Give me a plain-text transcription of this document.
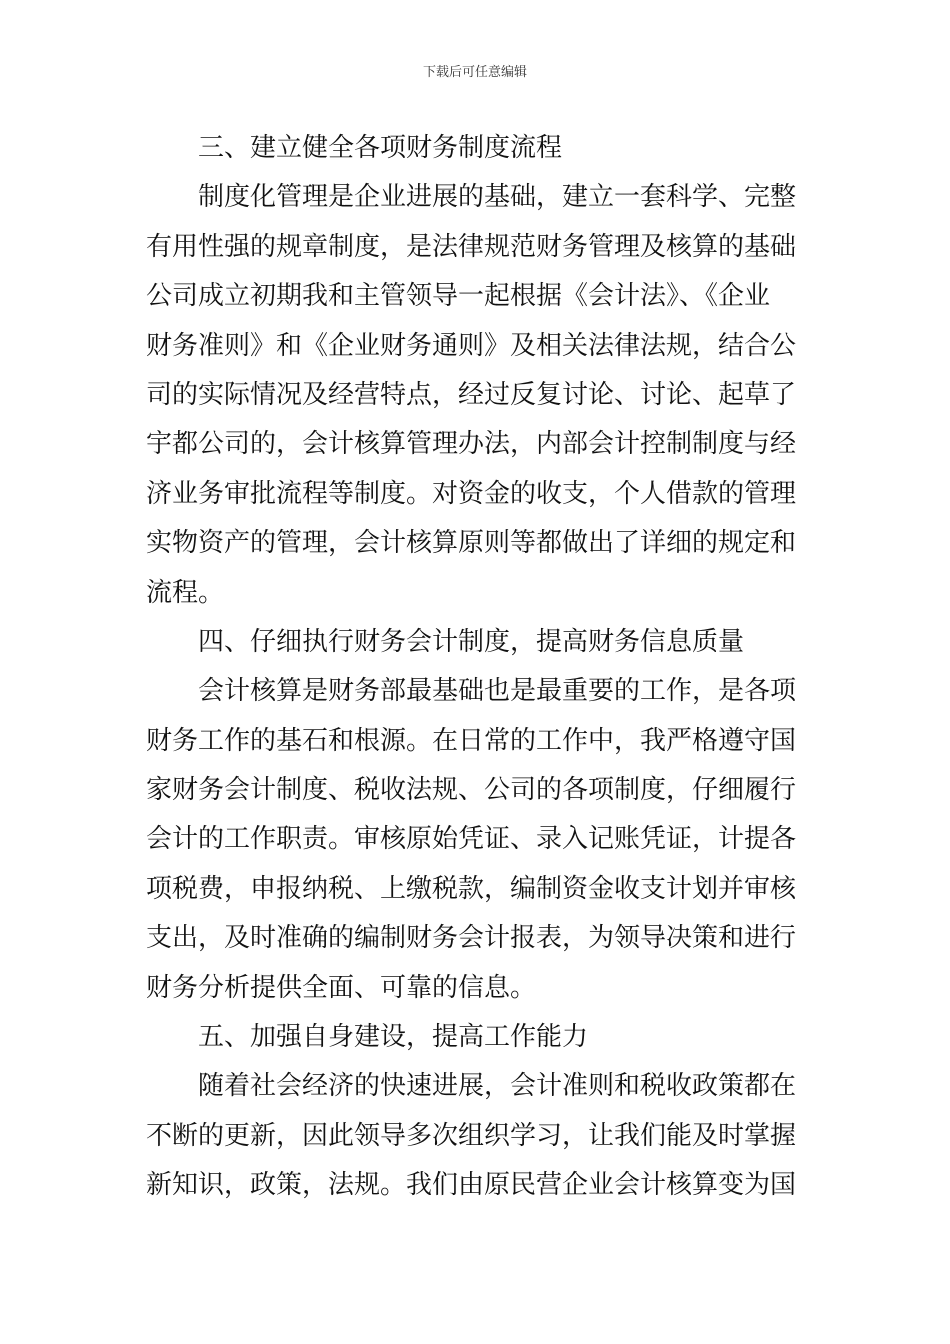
下载后可任意编辑
三、建立健全各项财务制度流程
制度化管理是企业进展的基础，建立一套科学、完整
有用性强的规章制度，是法律规范财务管理及核算的基础
公司成立初期我和主管领导一起根据《会计法》、《企业
财务准则》和《企业财务通则》及相关法律法规，结合公
司的实际情况及经营特点，经过反复讨论、讨论、起草了
宇都公司的，会计核算管理办法，内部会计控制制度与经
济业务审批流程等制度。对资金的收支，个人借款的管理
实物资产的管理，会计核算原则等都做出了详细的规定和
流程。
四、仔细执行财务会计制度，提高财务信息质量
会计核算是财务部最基础也是最重要的工作，是各项
财务工作的基石和根源。在日常的工作中，我严格遵守国
家财务会计制度、税收法规、公司的各项制度，仔细履行
会计的工作职责。审核原始凭证、录入记账凭证，计提各
项税费，申报纳税、上缴税款，编制资金收支计划并审核
支出，及时准确的编制财务会计报表，为领导决策和进行
财务分析提供全面、可靠的信息。
五、加强自身建设，提高工作能力
随着社会经济的快速进展，会计准则和税收政策都在
不断的更新，因此领导多次组织学习，让我们能及时掌握
新知识，政策，法规。我们由原民营企业会计核算变为国
